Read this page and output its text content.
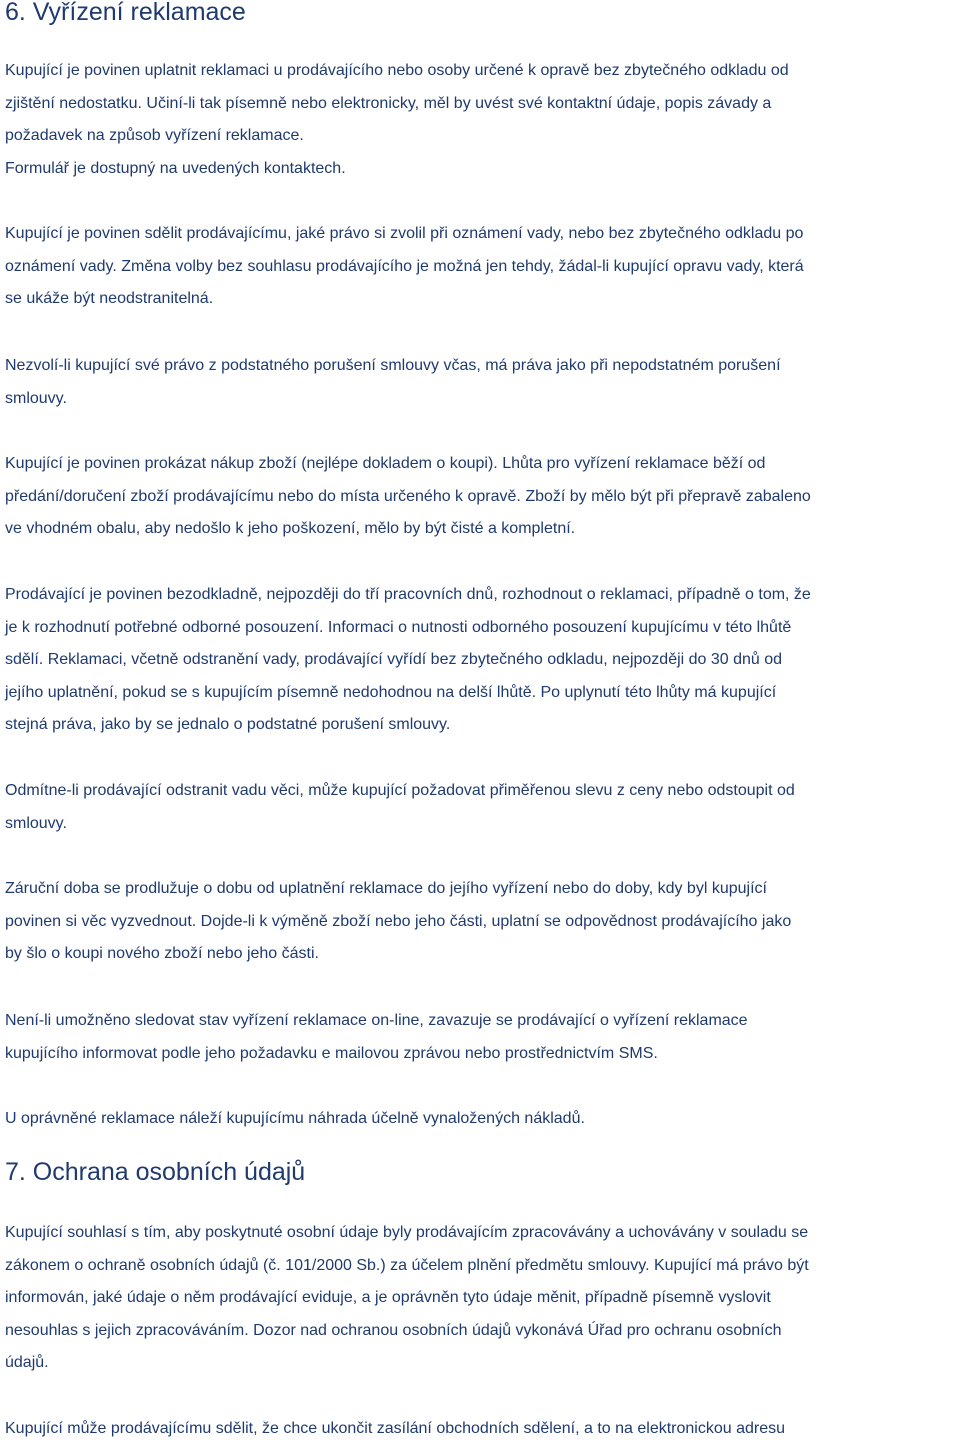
6. Vyřízení reklamace

Kupující je povinen uplatnit reklamaci u prodávajícího nebo osoby určené k opravě bez zbytečného odkladu od
zjištění nedostatku. Učiní-li tak písemně nebo elektronicky, měl by uvést své kontaktní údaje, popis závady a
požadavek na způsob vyřízení reklamace.
Formulář je dostupný na uvedených kontaktech.

Kupující je povinen sdělit prodávajícímu, jaké právo si zvolil při oznámení vady, nebo bez zbytečného odkladu po
oznámení vady. Změna volby bez souhlasu prodávajícího je možná jen tehdy, žádal-li kupující opravu vady, která
se ukáže být neodstranitelná.

Nezvolí-li kupující své právo z podstatného porušení smlouvy včas, má práva jako při nepodstatném porušení
smlouvy.

Kupující je povinen prokázat nákup zboží (nejlépe dokladem o koupi). Lhůta pro vyřízení reklamace běží od
předání/doručení zboží prodávajícímu nebo do místa určeného k opravě. Zboží by mělo být při přepravě zabaleno
ve vhodném obalu, aby nedošlo k jeho poškození, mělo by být čisté a kompletní.

Prodávající je povinen bezodkladně, nejpozději do tří pracovních dnů, rozhodnout o reklamaci, případně o tom, že
je k rozhodnutí potřebné odborné posouzení. Informaci o nutnosti odborného posouzení kupujícímu v této lhůtě
sdělí. Reklamaci, včetně odstranění vady, prodávající vyřídí bez zbytečného odkladu, nejpozději do 30 dnů od
jejího uplatnění, pokud se s kupujícím písemně nedohodnou na delší lhůtě. Po uplynutí této lhůty má kupující
stejná práva, jako by se jednalo o podstatné porušení smlouvy.

Odmítne-li prodávající odstranit vadu věci, může kupující požadovat přiměřenou slevu z ceny nebo odstoupit od
smlouvy.

Záruční doba se prodlužuje o dobu od uplatnění reklamace do jejího vyřízení nebo do doby, kdy byl kupující
povinen si věc vyzvednout. Dojde-li k výměně zboží nebo jeho části, uplatní se odpovědnost prodávajícího jako
by šlo o koupi nového zboží nebo jeho části.

Není-li umožněno sledovat stav vyřízení reklamace on-line, zavazuje se prodávající o vyřízení reklamace
kupujícího informovat podle jeho požadavku e mailovou zprávou nebo prostřednictvím SMS.

U oprávněné reklamace náleží kupujícímu náhrada účelně vynaložených nákladů.

7. Ochrana osobních údajů

Kupující souhlasí s tím, aby poskytnuté osobní údaje byly prodávajícím zpracovávány a uchovávány v souladu se
zákonem o ochraně osobních údajů (č. 101/2000 Sb.) za účelem plnění předmětu smlouvy. Kupující má právo být
informován, jaké údaje o něm prodávající eviduje, a je oprávněn tyto údaje měnit, případně písemně vyslovit
nesouhlas s jejich zpracováváním. Dozor nad ochranou osobních údajů vykonává Úřad pro ochranu osobních
údajů.

Kupující může prodávajícímu sdělit, že chce ukončit zasílání obchodních sdělení, a to na elektronickou adresu
